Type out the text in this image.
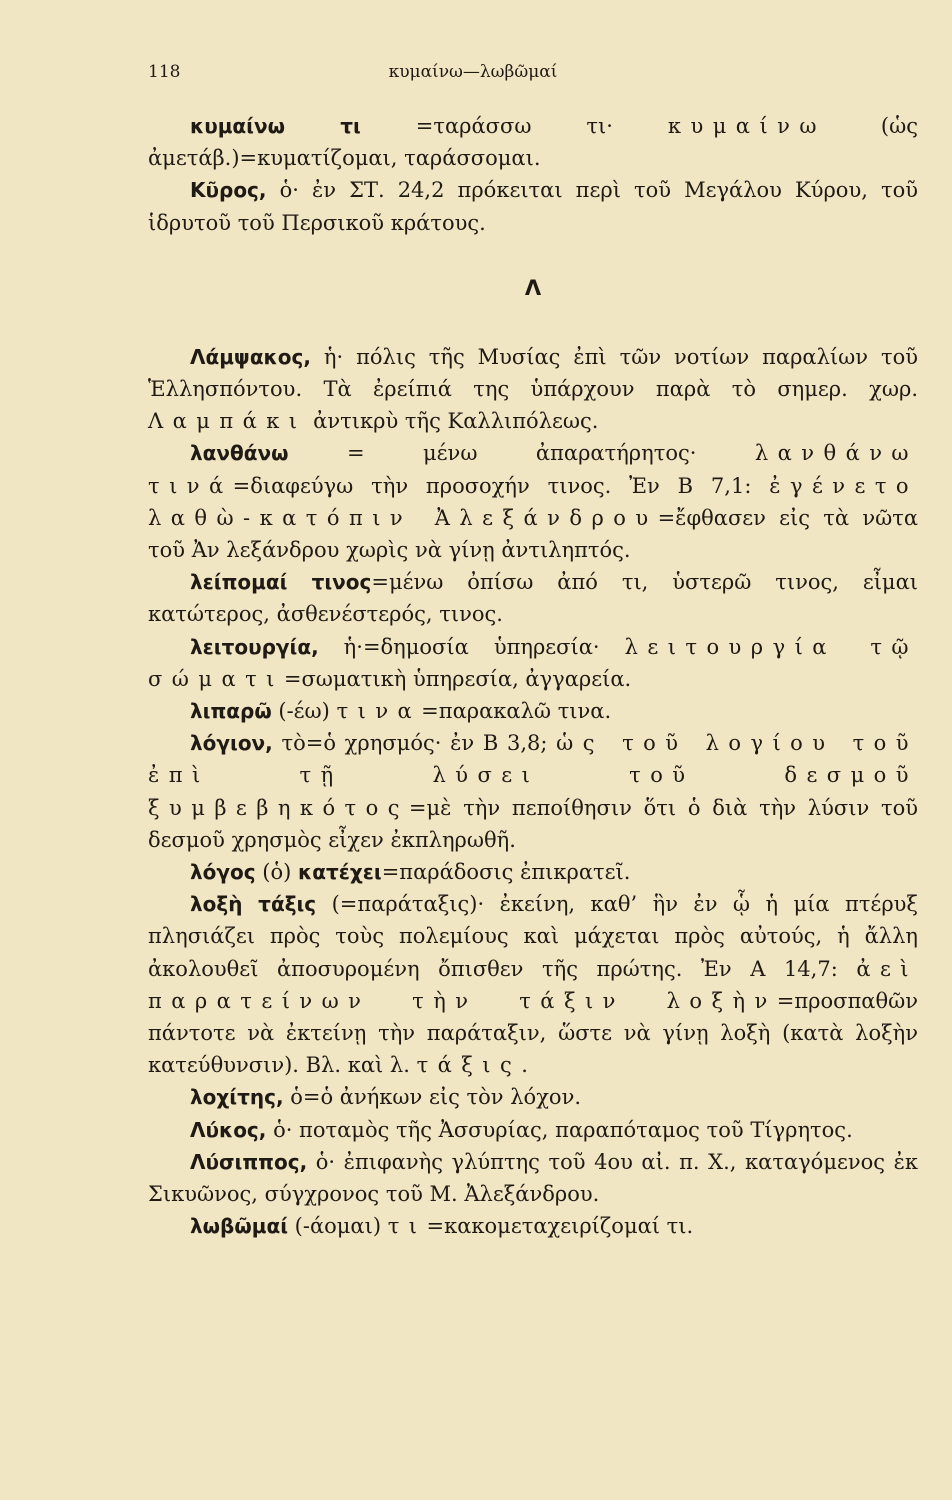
118	κυμαίνω—λωβῶμαί

κυμαίνω τι =ταράσσω τι· κυμαίνω (ὡς ἀμετάβ.)=κυματίζομαι, ταράσσομαι.

Κῦρος, ὁ· ἐν ΣΤ. 24,2 πρόκειται περὶ τοῦ Μεγάλου Κύρου, τοῦ ἱδρυτοῦ τοῦ Περσικοῦ κράτους.

Λ

Λάμψακος, ἡ· πόλις τῆς Μυσίας ἐπὶ τῶν νοτίων παραλίων τοῦ Ἑλλησπόντου. Τὰ ἐρείπιά της ὑπάρχουν παρὰ τὸ σημερ. χωρ. Λαμπάκι ἀντικρὺ τῆς Καλλιπόλεως.

λανθάνω = μένω ἀπαρατήρητος· λανθάνω τινά=διαφεύγω τὴν προσοχήν τινος. Ἐν Β 7,1: ἐγένετο λαθὼ-κατόπιν Ἀλεξάνδρου=ἔφθασεν εἰς τὰ νῶτα τοῦ Ἀν λεξάνδρου χωρὶς νὰ γίνῃ ἀντιληπτός.

λείπομαί τινος=μένω ὀπίσω ἀπό τι, ὑστερῶ τινος, εἶμαι κατώτερος, ἀσθενέστερός, τινος.

λειτουργία, ἡ·=δημοσία ὑπηρεσία· λειτουργία τῷ σώματι=σωματικὴ ὑπηρεσία, ἀγγαρεία.

λιπαρῶ (-έω) τινα=παρακαλῶ τινα.

λόγιον, τὸ=ὁ χρησμός· ἐν Β 3,8; ὡς τοῦ λογίου τοῦ ἐπὶ τῇ λύσει τοῦ δεσμοῦ ξυμβεβηκότος=μὲ τὴν πεποίθησιν ὅτι ὁ διὰ τὴν λύσιν τοῦ δεσμοῦ χρησμὸς εἶχεν ἐκπληρωθῆ.

λόγος (ὁ) κατέχει=παράδοσις ἐπικρατεῖ.

λοξὴ τάξις (=παράταξις)· ἐκείνη, καθ’ ἣν ἐν ᾧ ἡ μία πτέρυξ πλησιάζει πρὸς τοὺς πολεμίους καὶ μάχεται πρὸς αὐτούς, ἡ ἄλλη ἀκολουθεῖ ἀποσυρομένη ὄπισθεν τῆς πρώτης. Ἐν Α 14,7: ἀεὶ παρατείνων τὴν τάξιν λοξὴν=προσπαθῶν πάντοτε νὰ ἐκτείνῃ τὴν παράταξιν, ὥστε νὰ γίνῃ λοξὴ (κατὰ λοξὴν κατεύθυνσιν). Βλ. καὶ λ. τάξις.

λοχίτης, ὁ=ὁ ἀνήκων εἰς τὸν λόχον.

Λύκος, ὁ· ποταμὸς τῆς Ἀσσυρίας, παραπόταμος τοῦ Τίγρητος.

Λύσιππος, ὁ· ἐπιφανὴς γλύπτης τοῦ 4ου αἰ. π. Χ., καταγόμενος ἐκ Σικυῶνος, σύγχρονος τοῦ Μ. Ἀλεξάνδρου.

λωβῶμαί (-άομαι) τι=κακομεταχειρίζομαί τι.
